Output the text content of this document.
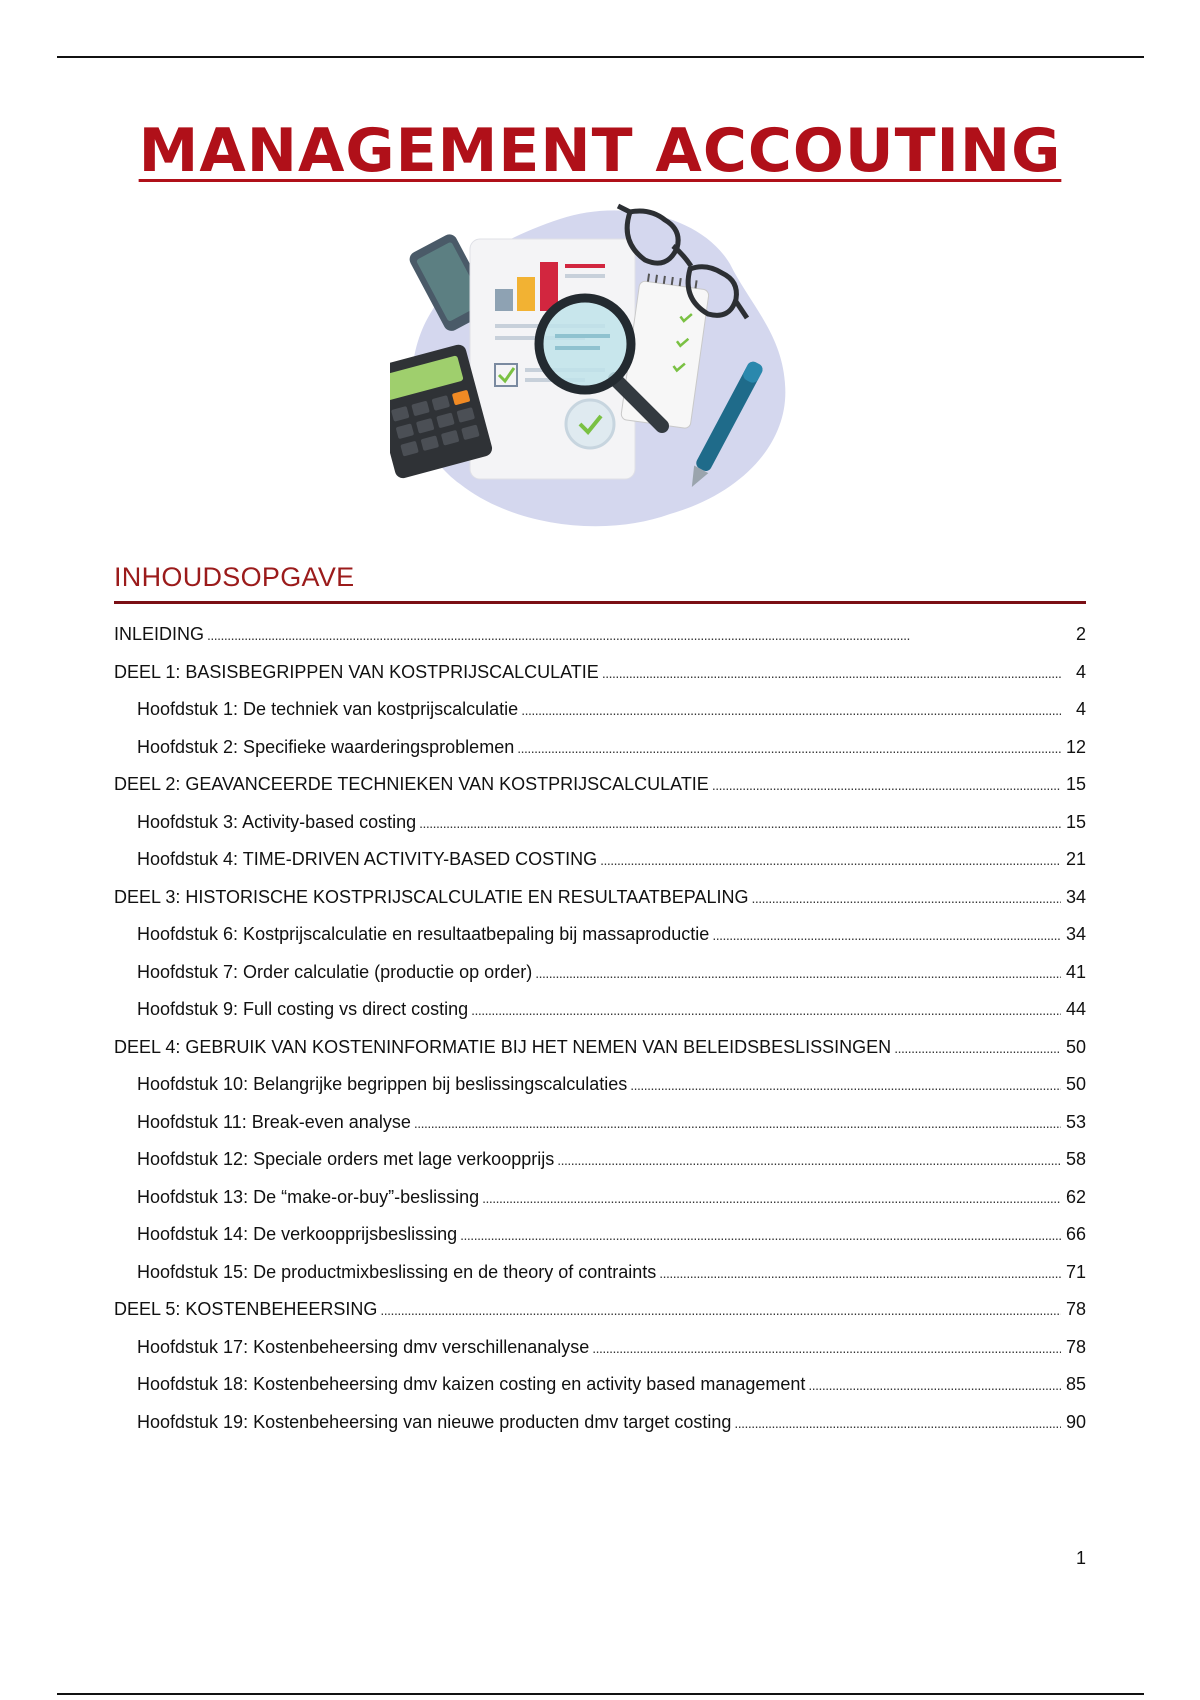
MANAGEMENT ACCOUTING
INHOUDSOPGAVE
INLEIDING . . .	2
DEEL 1: BASISBEGRIPPEN VAN KOSTPRIJSCALCULATIE . . .	4
Hoofdstuk 1: De techniek van kostprijscalculatie . . .	4
Hoofdstuk 2: Specifieke waarderingsproblemen . . .	12
DEEL 2: GEAVANCEERDE TECHNIEKEN VAN KOSTPRIJSCALCULATIE . . .	15
Hoofdstuk 3: Activity-based costing . . .	15
Hoofdstuk 4: TIME-DRIVEN ACTIVITY-BASED COSTING . . .	21
DEEL 3: HISTORISCHE KOSTPRIJSCALCULATIE EN RESULTAATBEPALING . . .	34
Hoofdstuk 6: Kostprijscalculatie en resultaatbepaling bij massaproductie . . .	34
Hoofdstuk 7: Order calculatie (productie op order) . . .	41
Hoofdstuk 9: Full costing vs direct costing . . .	44
DEEL 4: GEBRUIK VAN KOSTENINFORMATIE BIJ HET NEMEN VAN BELEIDSBESLISSINGEN . . .	50
Hoofdstuk 10: Belangrijke begrippen bij beslissingscalculaties . . .	50
Hoofdstuk 11: Break-even analyse . . .	53
Hoofdstuk 12: Speciale orders met lage verkoopprijs . . .	58
Hoofdstuk 13: De “make-or-buy”-beslissing . . .	62
Hoofdstuk 14: De verkoopprijsbeslissing . . .	66
Hoofdstuk 15: De productmixbeslissing en de theory of contraints . . .	71
DEEL 5: KOSTENBEHEERSING . . .	78
Hoofdstuk 17: Kostenbeheersing dmv verschillenanalyse . . .	78
Hoofdstuk 18: Kostenbeheersing dmv kaizen costing en activity based management . . .	85
Hoofdstuk 19: Kostenbeheersing van nieuwe producten dmv target costing . . .	90
1
